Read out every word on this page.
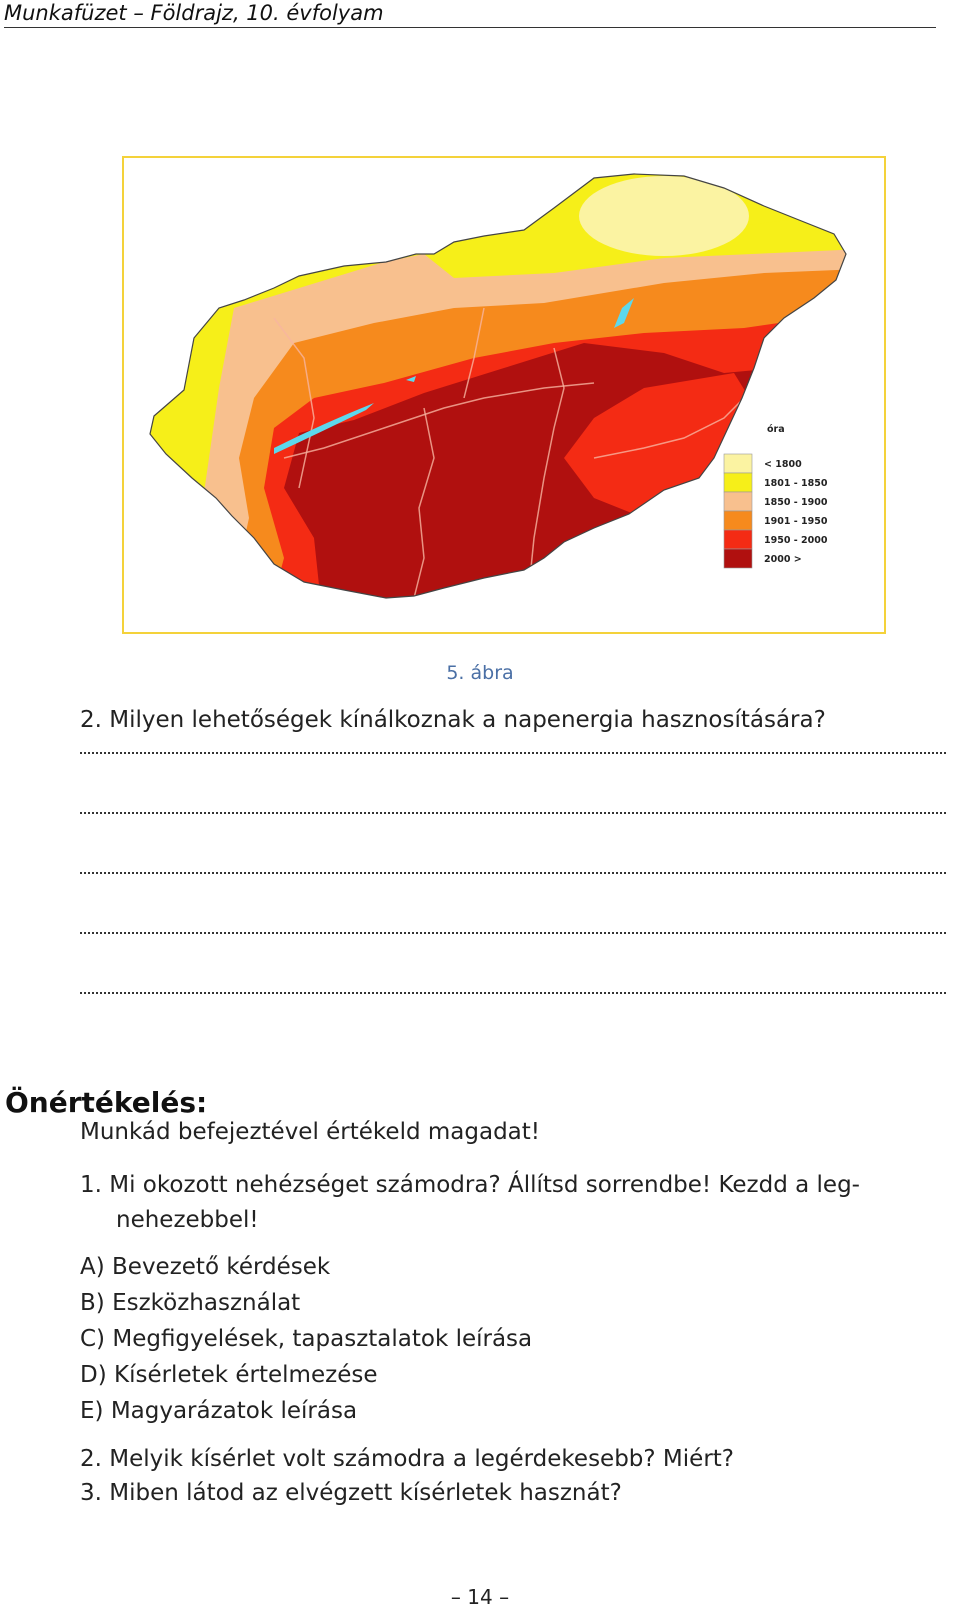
Munkafüzet – Földrajz, 10. évfolyam
óra
< 1800
1801 - 1850
1850 - 1900
1901 - 1950
1950 - 2000
2000 >
5. ábra
2. Milyen lehetőségek kínálkoznak a napenergia hasznosítására?
Önértékelés:
Munkád befejeztével értékeld magadat!
1. Mi okozott nehézséget számodra? Állítsd sorrendbe! Kezdd a leg-
nehezebbel!
A) Bevezető kérdések
B) Eszközhasználat
C) Megfigyelések, tapasztalatok leírása
D) Kísérletek értelmezése
E) Magyarázatok leírása
2. Melyik kísérlet volt számodra a legérdekesebb? Miért?
3. Miben látod az elvégzett kísérletek hasznát?
– 14 –
